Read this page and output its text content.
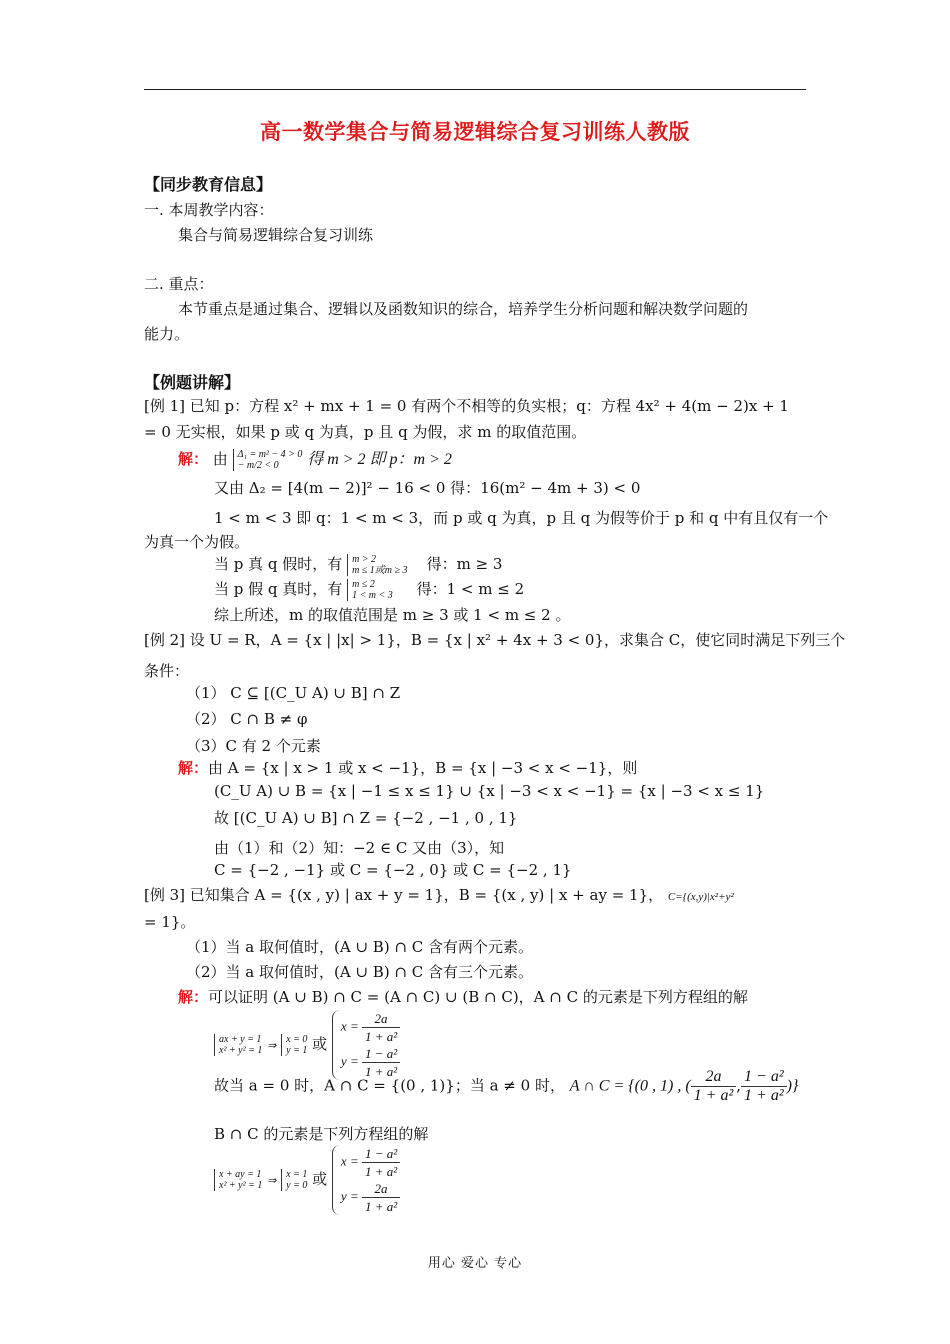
高一数学集合与简易逻辑综合复习训练人教版
【同步教育信息】
一. 本周教学内容：
集合与简易逻辑综合复习训练
二. 重点：
本节重点是通过集合、逻辑以及函数知识的综合，培养学生分析问题和解决数学问题的
能力。
【例题讲解】
[例 1] 已知 p：方程 x² + mx + 1 = 0 有两个不相等的负实根；q：方程 4x² + 4(m − 2)x + 1
= 0 无实根，如果 p 或 q 为真，p 且 q 为假，求 m 的取值范围。
解： 由 Δ₁ = m² − 4 > 0
− m/2 < 0	得 m > 2 即 p：m > 2
又由 Δ₂ = [4(m − 2)]² − 16 < 0 得：16(m² − 4m + 3) < 0
1 < m < 3 即 q：1 < m < 3，而 p 或 q 为真，p 且 q 为假等价于 p 和 q 中有且仅有一个
为真一个为假。
当 p 真 q 假时，有 m > 2
m ≤ 1或m ≥ 3 得：m ≥ 3
当 p 假 q 真时，有 m ≤ 2
1 < m < 3 得：1 < m ≤ 2
综上所述，m 的取值范围是 m ≥ 3 或 1 < m ≤ 2 。
[例 2] 设 U = R，A = {x | |x| > 1}，B = {x | x² + 4x + 3 < 0}，求集合 C，使它同时满足下列三个
条件：
（1） C ⊆ [(C_U A) ∪ B] ∩ Z
（2） C ∩ B ≠ φ
（3）C 有 2 个元素
解：由 A = {x | x > 1 或 x < −1}，B = {x | −3 < x < −1}，则
(C_U A) ∪ B = {x | −1 ≤ x ≤ 1} ∪ {x | −3 < x < −1} = {x | −3 < x ≤ 1}
故 [(C_U A) ∪ B] ∩ Z = {−2 , −1 , 0 , 1}
由（1）和（2）知：−2 ∈ C 又由（3），知
C = {−2 , −1} 或 C = {−2 , 0} 或 C = {−2 , 1}
[例 3] 已知集合 A = {(x , y) | ax + y = 1}，B = {(x , y) | x + ay = 1}， C={(x,y)|x²+y²
= 1}。
（1）当 a 取何值时，(A ∪ B) ∩ C 含有两个元素。
（2）当 a 取何值时，(A ∪ B) ∩ C 含有三个元素。
解：可以证明 (A ∪ B) ∩ C = (A ∩ C) ∪ (B ∩ C)，A ∩ C 的元素是下列方程组的解
ax + y = 1
x² + y² = 1 ⇒
x = 0
y = 1 或
$x = \frac{2a}{\text{1 + a²}}$
$y = \frac{\text{1 − a²}}{\text{1 + a²}}$
故当 a = 0 时，A ∩ C = {(0 , 1)}；当 a ≠ 0 时， A ∩ C = {(0 , 1) , ( $\frac{2a}{\text{1 + a²}}$ , $\frac{\text{1 − a²}}{\text{1 + a²}}$ )}
B ∩ C 的元素是下列方程组的解
x + ay = 1
x² + y² = 1 ⇒
x = 1
y = 0 或
$x = \frac{\text{1 − a²}}{\text{1 + a²}}$
$y = \frac{2a}{\text{1 + a²}}$
用心 爱心 专心
